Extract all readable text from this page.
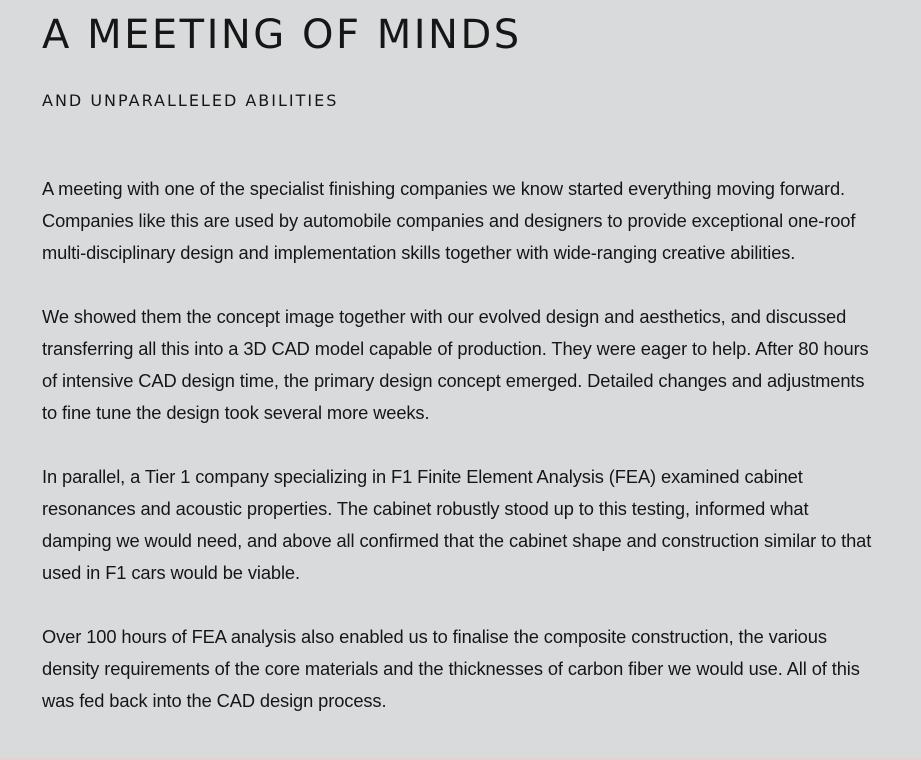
A MEETING OF MINDS
AND UNPARALLELED ABILITIES

A meeting with one of the specialist finishing companies we know started everything moving forward. Companies like this are used by automobile companies and designers to provide exceptional one-roof multi-disciplinary design and implementation skills together with wide-ranging creative abilities.

We showed them the concept image together with our evolved design and aesthetics, and discussed transferring all this into a 3D CAD model capable of production. They were eager to help. After 80 hours of intensive CAD design time, the primary design concept emerged. Detailed changes and adjustments to fine tune the design took several more weeks.

In parallel, a Tier 1 company specializing in F1 Finite Element Analysis (FEA) examined cabinet resonances and acoustic properties. The cabinet robustly stood up to this testing, informed what damping we would need, and above all confirmed that the cabinet shape and construction similar to that used in F1 cars would be viable.

Over 100 hours of FEA analysis also enabled us to finalise the composite construction, the various density requirements of the core materials and the thicknesses of carbon fiber we would use. All of this was fed back into the CAD design process.
